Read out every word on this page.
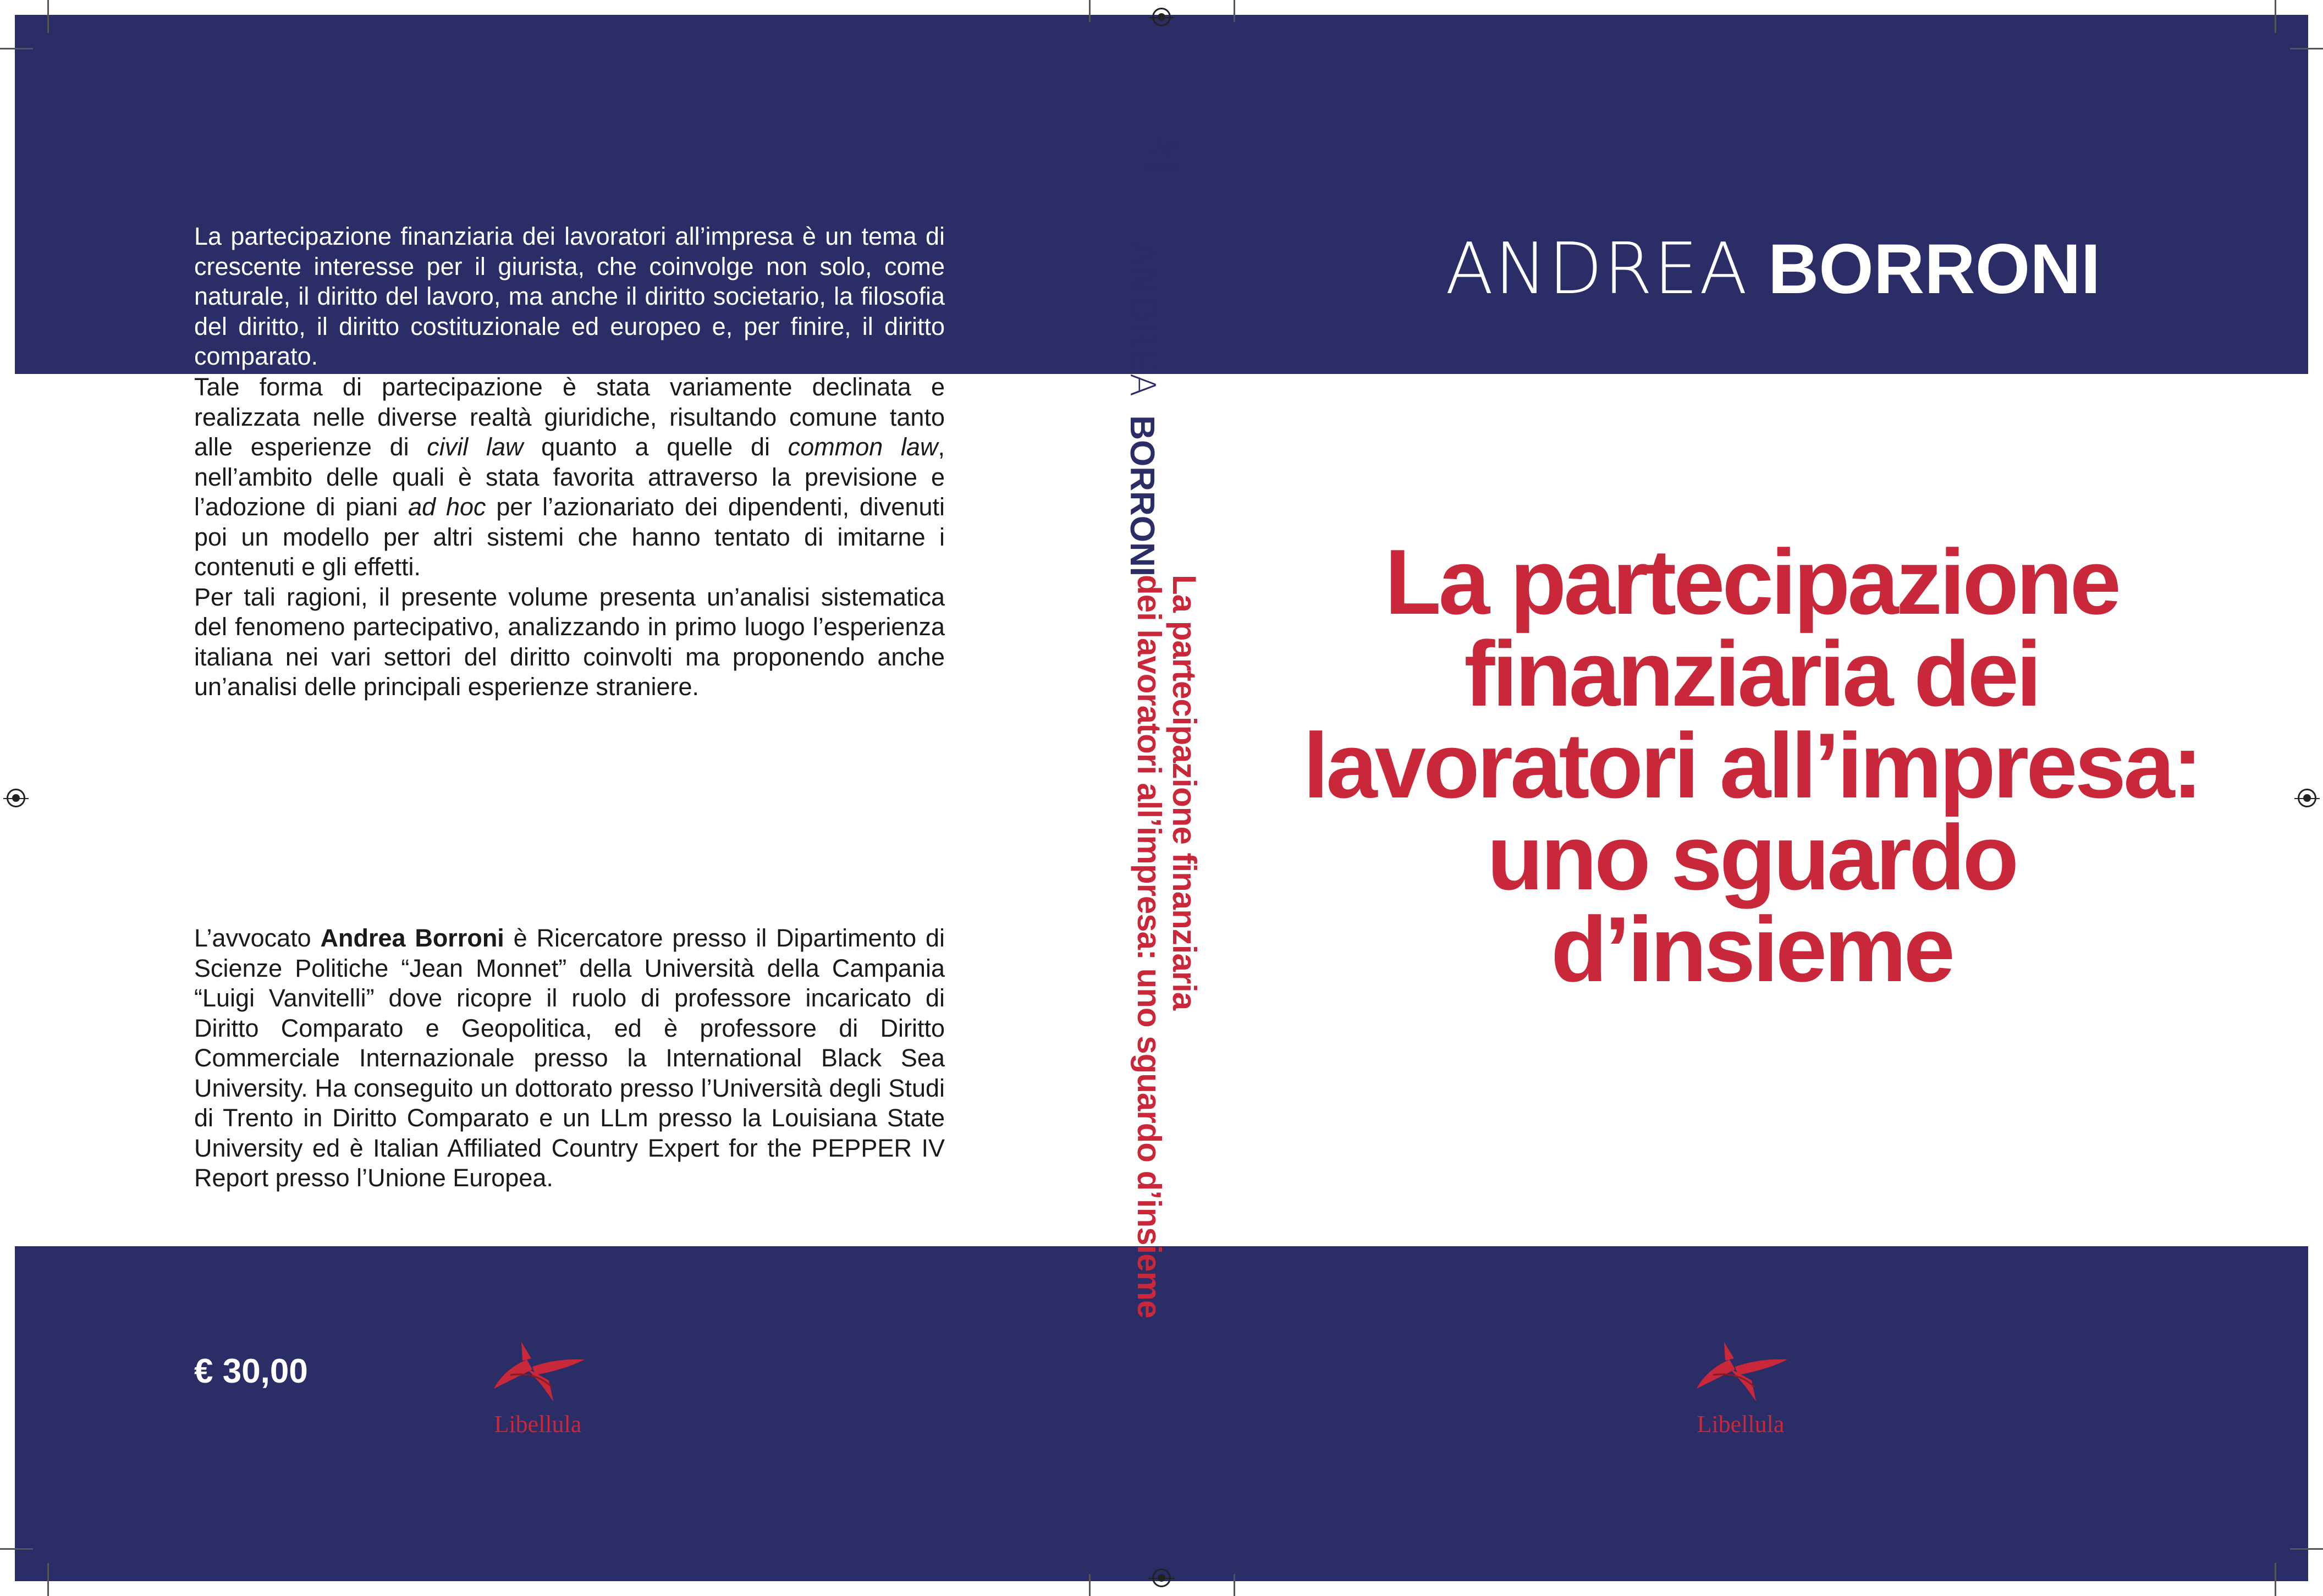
La partecipazione finanziaria dei lavoratori all’impresa è un tema di crescente interesse per il giurista, che coinvolge non solo, come naturale, il diritto del lavoro, ma anche il diritto societario, la filosofia del diritto, il diritto costituzionale ed europeo e, per finire, il diritto comparato.

Tale forma di partecipazione è stata variamente declinata e realizzata nelle diverse realtà giuridiche, risultando comune tanto alle esperienze di civil law quanto a quelle di common law, nell’ambito delle quali è stata favorita attraverso la previsione e l’adozione di piani ad hoc per l’azionariato dei dipendenti, divenuti poi un modello per altri sistemi che hanno tentato di imitarne i contenuti e gli effetti.

Per tali ragioni, il presente volume presenta un’analisi sistematica del fenomeno partecipativo, analizzando in primo luogo l’esperienza italiana nei vari settori del diritto coinvolti ma proponendo anche un’analisi delle principali esperienze straniere.

L’avvocato Andrea Borroni è Ricercatore presso il Dipartimento di Scienze Politiche “Jean Monnet” della Università della Campania “Luigi Vanvitelli” dove ricopre il ruolo di professore incaricato di Diritto Comparato e Geopolitica, ed è professore di Diritto Commerciale Internazionale presso la International Black Sea University. Ha conseguito un dottorato presso l’Università degli Studi di Trento in Diritto Comparato e un LLm presso la Louisiana State University ed è Italian Affiliated Country Expert for the PEPPER IV Report presso l’Unione Europea.

€ 30,00
Libellula
Libellula
ANDREABORRONI
La partecipazione finanziaria
dei lavoratori all’impresa: uno sguardo d’insieme
ANDREA BORRONI
La partecipazione
finanziaria dei
lavoratori all’impresa:
uno sguardo
d’insieme
Libellula
